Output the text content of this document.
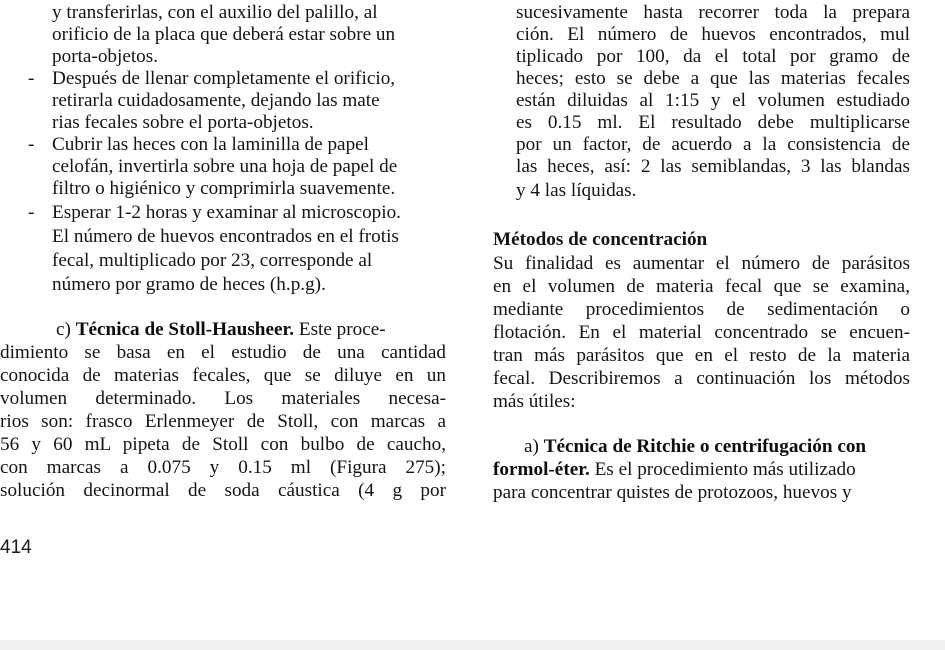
y transferirlas, con el auxilio del palillo, al
orificio de la placa que deberá estar sobre un
porta-objetos.
- Después de llenar completamente el orificio,
retirarla cuidadosamente, dejando las mate
rias fecales sobre el porta-objetos.
- Cubrir las heces con la laminilla de papel
celofán, invertirla sobre una hoja de papel de
filtro o higiénico y comprimirla suavemente.
- Esperar 1-2 horas y examinar al microscopio.
El número de huevos encontrados en el frotis
fecal, multiplicado por 23, corresponde al
número por gramo de heces (h.p.g).
c) Técnica de Stoll-Hausheer. Este proce-
dimiento se basa en el estudio de una cantidad
conocida de materias fecales, que se diluye en un
volumen determinado. Los materiales necesa-
rios son: frasco Erlenmeyer de Stoll, con marcas a
56 y 60 mL pipeta de Stoll con bulbo de caucho,
con marcas a 0.075 y 0.15 ml (Figura 275);
solución decinormal de soda cáustica (4 g por
sucesivamente hasta recorrer toda la prepara
ción. El número de huevos encontrados, mul
tiplicado por 100, da el total por gramo de
heces; esto se debe a que las materias fecales
están diluidas al 1:15 y el volumen estudiado
es 0.15 ml. El resultado debe multiplicarse
por un factor, de acuerdo a la consistencia de
las heces, así: 2 las semiblandas, 3 las blandas
y 4 las líquidas.
Métodos de concentración
Su finalidad es aumentar el número de parásitos
en el volumen de materia fecal que se examina,
mediante procedimientos de sedimentación o
flotación. En el material concentrado se encuen-
tran más parásitos que en el resto de la materia
fecal. Describiremos a continuación los métodos
más útiles:
a) Técnica de Ritchie o centrifugación con
formol-éter. Es el procedimiento más utilizado
para concentrar quistes de protozoos, huevos y
414
